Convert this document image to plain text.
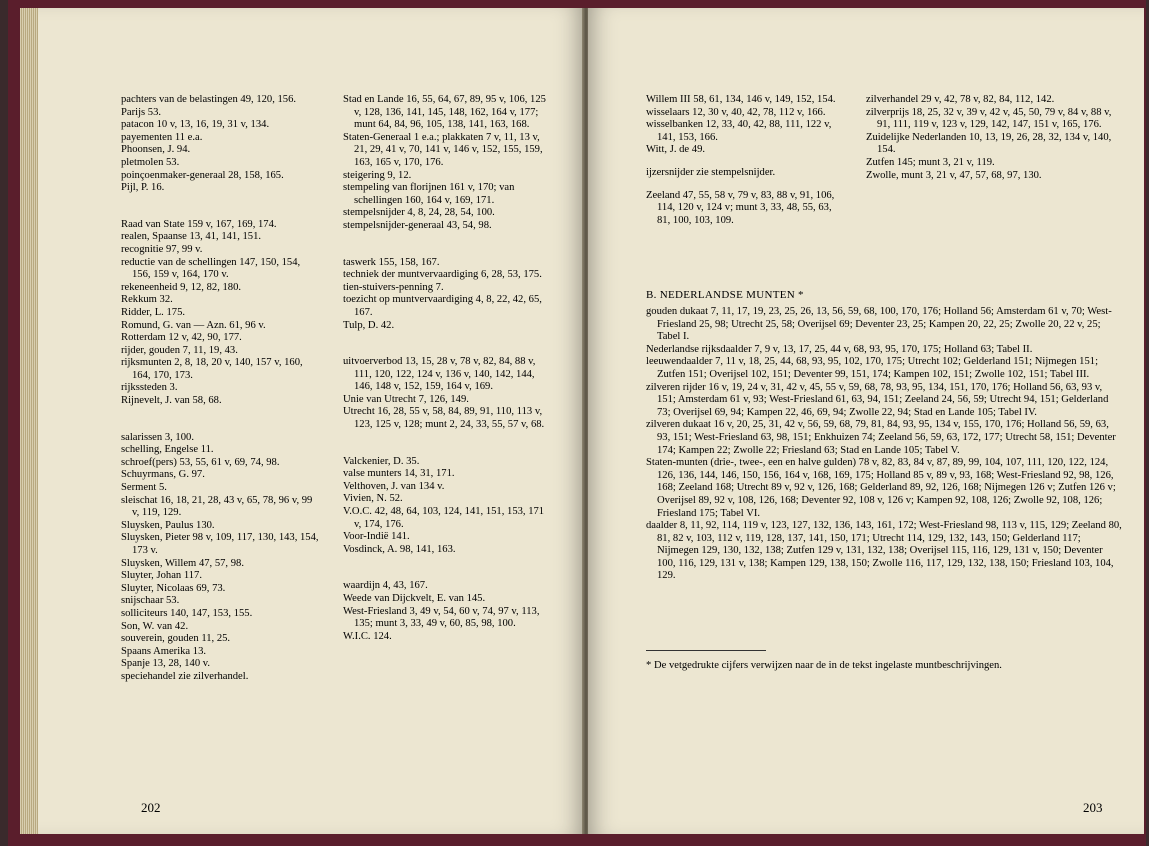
pachters van de belastingen 49, 120, 156.
Parijs 53.
patacon 10 v, 13, 16, 19, 31 v, 134.
payementen 11 e.a.
Phoonsen, J. 94.
pletmolen 53.
poinçoenmaker-generaal 28, 158, 165.
Pijl, P. 16.
Raad van State 159 v, 167, 169, 174.
realen, Spaanse 13, 41, 141, 151.
recognitie 97, 99 v.
reductie van de schellingen 147, 150, 154, 156, 159 v, 164, 170 v.
rekeneenheid 9, 12, 82, 180.
Rekkum 32.
Ridder, L. 175.
Romund, G. van — Azn. 61, 96 v.
Rotterdam 12 v, 42, 90, 177.
rijder, gouden 7, 11, 19, 43.
rijksmunten 2, 8, 18, 20 v, 140, 157 v, 160, 164, 170, 173.
rijkssteden 3.
Rijnevelt, J. van 58, 68.
salarissen 3, 100.
schelling, Engelse 11.
schroef(pers) 53, 55, 61 v, 69, 74, 98.
Schuyrmans, G. 97.
Serment 5.
sleischat 16, 18, 21, 28, 43 v, 65, 78, 96 v, 99 v, 119, 129.
Sluysken, Paulus 130.
Sluysken, Pieter 98 v, 109, 117, 130, 143, 154, 173 v.
Sluysken, Willem 47, 57, 98.
Sluyter, Johan 117.
Sluyter, Nicolaas 69, 73.
snijschaar 53.
solliciteurs 140, 147, 153, 155.
Son, W. van 42.
souverein, gouden 11, 25.
Spaans Amerika 13.
Spanje 13, 28, 140 v.
speciehandel zie zilverhandel.
Stad en Lande 16, 55, 64, 67, 89, 95 v, 106, 125 v, 128, 136, 141, 145, 148, 162, 164 v, 177; munt 64, 84, 96, 105, 138, 141, 163, 168.
Staten-Generaal 1 e.a.; plakkaten 7 v, 11, 13 v, 21, 29, 41 v, 70, 141 v, 146 v, 152, 155, 159, 163, 165 v, 170, 176.
steigering 9, 12.
stempeling van florijnen 161 v, 170; van schellingen 160, 164 v, 169, 171.
stempelsnijder 4, 8, 24, 28, 54, 100.
stempelsnijder-generaal 43, 54, 98.
taswerk 155, 158, 167.
techniek der muntvervaardiging 6, 28, 53, 175.
tien-stuivers-penning 7.
toezicht op muntvervaardiging 4, 8, 22, 42, 65, 167.
Tulp, D. 42.
uitvoerverbod 13, 15, 28 v, 78 v, 82, 84, 88 v, 111, 120, 122, 124 v, 136 v, 140, 142, 144, 146, 148 v, 152, 159, 164 v, 169.
Unie van Utrecht 7, 126, 149.
Utrecht 16, 28, 55 v, 58, 84, 89, 91, 110, 113 v, 123, 125 v, 128; munt 2, 24, 33, 55, 57 v, 68.
Valckenier, D. 35.
valse munters 14, 31, 171.
Velthoven, J. van 134 v.
Vivien, N. 52.
V.O.C. 42, 48, 64, 103, 124, 141, 151, 153, 171 v, 174, 176.
Voor-Indië 141.
Vosdinck, A. 98, 141, 163.
waardijn 4, 43, 167.
Weede van Dijckvelt, E. van 145.
West-Friesland 3, 49 v, 54, 60 v, 74, 97 v, 113, 135; munt 3, 33, 49 v, 60, 85, 98, 100.
W.I.C. 124.
202
Willem III 58, 61, 134, 146 v, 149, 152, 154.
wisselaars 12, 30 v, 40, 42, 78, 112 v, 166.
wisselbanken 12, 33, 40, 42, 88, 111, 122 v, 141, 153, 166.
Witt, J. de 49.
ijzersnijder zie stempelsnijder.
Zeeland 47, 55, 58 v, 79 v, 83, 88 v, 91, 106, 114, 120 v, 124 v; munt 3, 33, 48, 55, 63, 81, 100, 103, 109.
zilverhandel 29 v, 42, 78 v, 82, 84, 112, 142.
zilverprijs 18, 25, 32 v, 39 v, 42 v, 45, 50, 79 v, 84 v, 88 v, 91, 111, 119 v, 123 v, 129, 142, 147, 151 v, 165, 176.
Zuidelijke Nederlanden 10, 13, 19, 26, 28, 32, 134 v, 140, 154.
Zutfen 145; munt 3, 21 v, 119.
Zwolle, munt 3, 21 v, 47, 57, 68, 97, 130.
B. NEDERLANDSE MUNTEN *
gouden dukaat 7, 11, 17, 19, 23, 25, 26, 13, 56, 59, 68, 100, 170, 176; Holland 56; Amsterdam 61 v, 70; West-Friesland 25, 98; Utrecht 25, 58; Overijsel 69; Deventer 23, 25; Kampen 20, 22, 25; Zwolle 20, 22 v, 25; Tabel I.
Nederlandse rijksdaalder 7, 9 v, 13, 17, 25, 44 v, 68, 93, 95, 170, 175; Holland 63; Tabel II.
leeuwendaalder 7, 11 v, 18, 25, 44, 68, 93, 95, 102, 170, 175; Utrecht 102; Gelderland 151; Nijmegen 151; Zutfen 151; Overijsel 102, 151; Deventer 99, 151, 174; Kampen 102, 151; Zwolle 102, 151; Tabel III.
zilveren rijder 16 v, 19, 24 v, 31, 42 v, 45, 55 v, 59, 68, 78, 93, 95, 134, 151, 170, 176; Holland 56, 63, 93 v, 151; Amsterdam 61 v, 93; West-Friesland 61, 63, 94, 151; Zeeland 24, 56, 59; Utrecht 94, 151; Gelderland 73; Overijsel 69, 94; Kampen 22, 46, 69, 94; Zwolle 22, 94; Stad en Lande 105; Tabel IV.
zilveren dukaat 16 v, 20, 25, 31, 42 v, 56, 59, 68, 79, 81, 84, 93, 95, 134 v, 155, 170, 176; Holland 56, 59, 63, 93, 151; West-Friesland 63, 98, 151; Enkhuizen 74; Zeeland 56, 59, 63, 172, 177; Utrecht 58, 151; Deventer 174; Kampen 22; Zwolle 22; Friesland 63; Stad en Lande 105; Tabel V.
Staten-munten (drie-, twee-, een en halve gulden) 78 v, 82, 83, 84 v, 87, 89, 99, 104, 107, 111, 120, 122, 124, 126, 136, 144, 146, 150, 156, 164 v, 168, 169, 175; Holland 85 v, 89 v, 93, 168; West-Friesland 92, 98, 126, 168; Zeeland 168; Utrecht 89 v, 92 v, 126, 168; Gelderland 89, 92, 126, 168; Nijmegen 126 v; Zutfen 126 v; Overijsel 89, 92 v, 108, 126, 168; Deventer 92, 108 v, 126 v; Kampen 92, 108, 126; Zwolle 92, 108, 126; Friesland 175; Tabel VI.
daalder 8, 11, 92, 114, 119 v, 123, 127, 132, 136, 143, 161, 172; West-Friesland 98, 113 v, 115, 129; Zeeland 80, 81, 82 v, 103, 112 v, 119, 128, 137, 141, 150, 171; Utrecht 114, 129, 132, 143, 150; Gelderland 117; Nijmegen 129, 130, 132, 138; Zutfen 129 v, 131, 132, 138; Overijsel 115, 116, 129, 131 v, 150; Deventer 100, 116, 129, 131 v, 138; Kampen 129, 138, 150; Zwolle 116, 117, 129, 132, 138, 150; Friesland 103, 104, 129.
* De vetgedrukte cijfers verwijzen naar de in de tekst ingelaste muntbeschrijvingen.
203
